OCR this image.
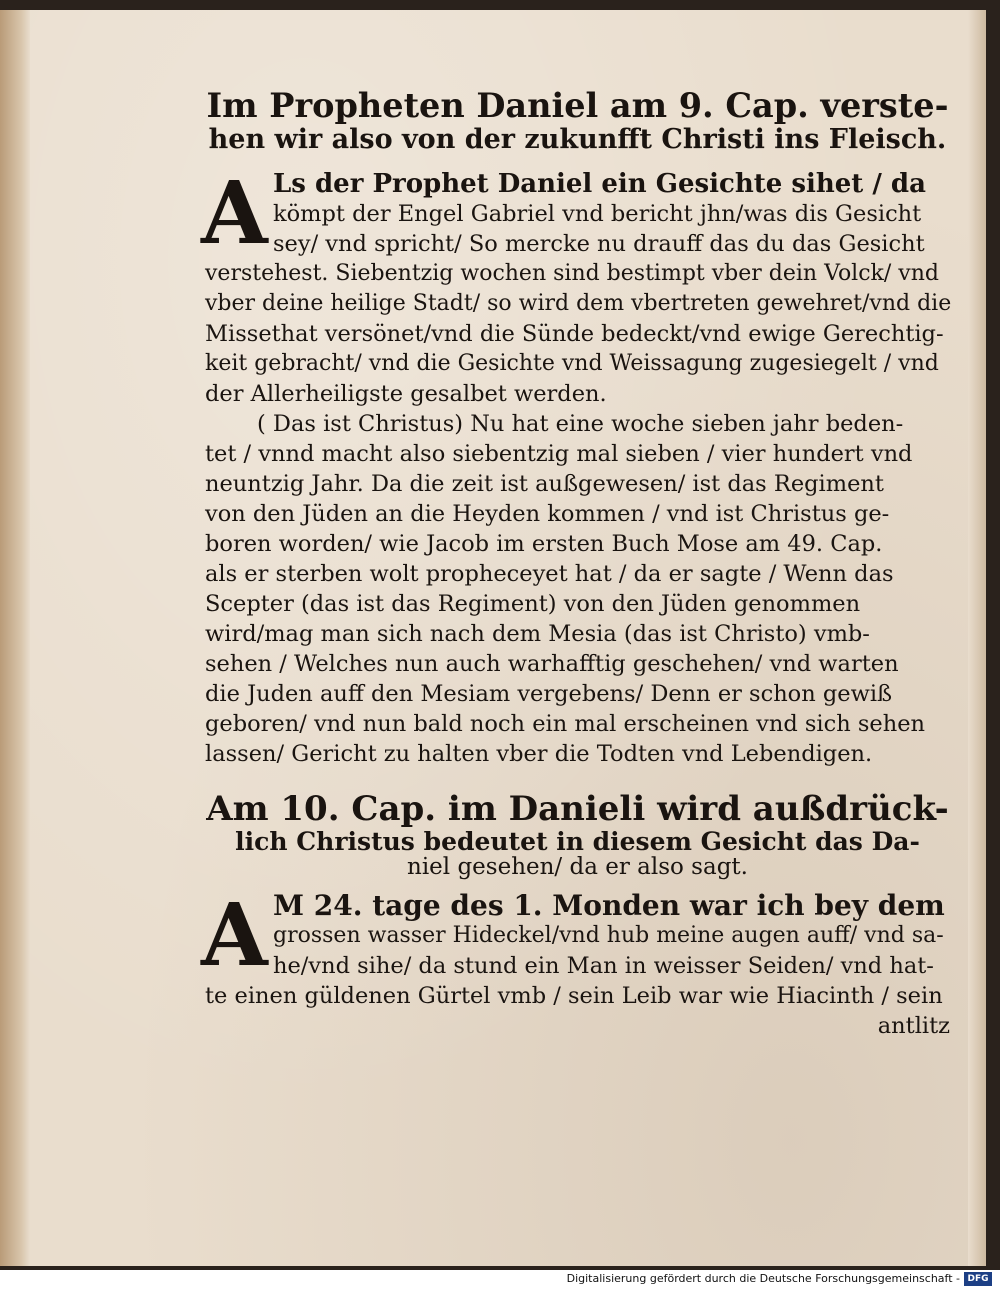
Im Propheten Daniel am 9. Cap. verste-

hen wir also von der zukunfft Christi ins Fleisch.

A Ls der Prophet Daniel ein Gesichte sihet / da
kömpt der Engel Gabriel vnd bericht jhn/was dis Gesicht
sey/ vnd spricht/ So mercke nu drauff das du das Gesicht
verstehest. Siebentzig wochen sind bestimpt vber dein Volck/ vnd
vber deine heilige Stadt/ so wird dem vbertreten gewehret/vnd die
Missethat versönet/vnd die Sünde bedeckt/vnd ewige Gerechtig-
keit gebracht/ vnd die Gesichte vnd Weissagung zugesiegelt / vnd
der Allerheiligste gesalbet werden.
( Das ist Christus) Nu hat eine woche sieben jahr beden-
tet / vnnd macht also siebentzig mal sieben / vier hundert vnd
neuntzig Jahr. Da die zeit ist außgewesen/ ist das Regiment
von den Jüden an die Heyden kommen / vnd ist Christus ge-
boren worden/ wie Jacob im ersten Buch Mose am 49. Cap.
als er sterben wolt propheceyet hat / da er sagte / Wenn das
Scepter (das ist das Regiment) von den Jüden genommen
wird/mag man sich nach dem Mesia (das ist Christo) vmb-
sehen / Welches nun auch warhafftig geschehen/ vnd warten
die Juden auff den Mesiam vergebens/ Denn er schon gewiß
geboren/ vnd nun bald noch ein mal erscheinen vnd sich sehen
lassen/ Gericht zu halten vber die Todten vnd Lebendigen.

Am 10. Cap. im Danieli wird außdrück-

lich Christus bedeutet in diesem Gesicht das Da-

niel gesehen/ da er also sagt.

A M 24. tage des 1. Monden war ich bey dem
grossen wasser Hideckel/vnd hub meine augen auff/ vnd sa-
he/vnd sihe/ da stund ein Man in weisser Seiden/ vnd hat-
te einen güldenen Gürtel vmb / sein Leib war wie Hiacinth / sein
antlitz
Digitalisierung gefördert durch die Deutsche Forschungsgemeinschaft - DFG
